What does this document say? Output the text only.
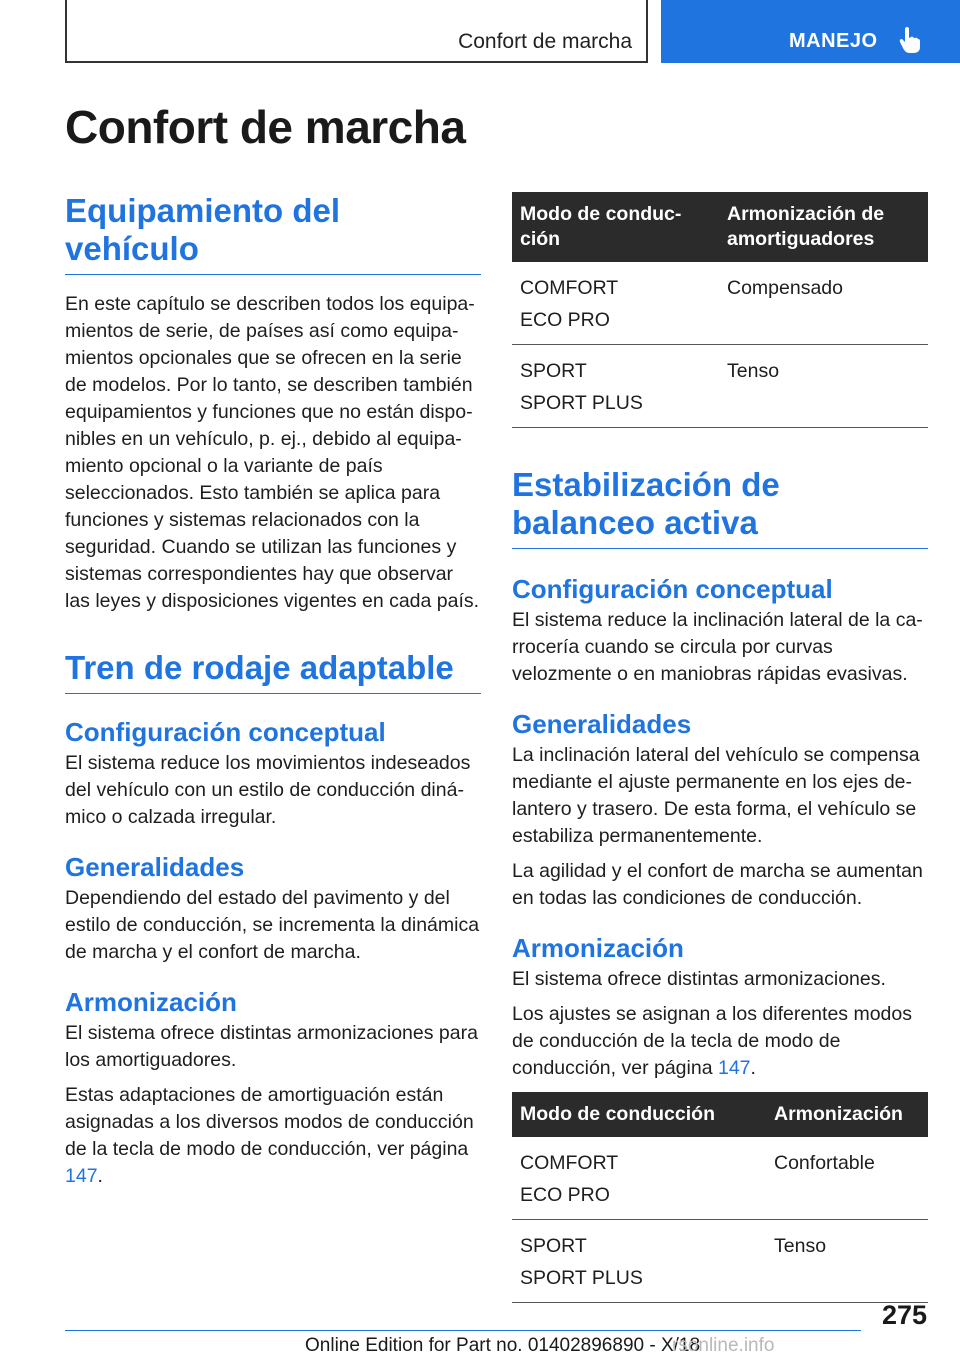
Confort de marcha	MANEJO
Confort de marcha
Equipamiento del vehículo

En este capítulo se describen todos los equipamientos de serie, de países así como equipamientos opcionales que se ofrecen en la serie de modelos. Por lo tanto, se describen también equipamientos y funciones que no están disponibles en un vehículo, p. ej., debido al equipamiento opcional o la variante de país seleccionados. Esto también se aplica para funciones y sistemas relacionados con la seguridad. Cuando se utilizan las funciones y sistemas correspondientes hay que observar las leyes y disposiciones vigentes en cada país.

Tren de rodaje adaptable
Configuración conceptual

El sistema reduce los movimientos indeseados del vehículo con un estilo de conducción dinámico o calzada irregular.

Generalidades

Dependiendo del estado del pavimento y del estilo de conducción, se incrementa la dinámica de marcha y el confort de marcha.

Armonización

El sistema ofrece distintas armonizaciones para los amortiguadores.

Estas adaptaciones de amortiguación están asignadas a los diversos modos de conducción de la tecla de modo de conducción, ver página 147.

Modo de conducción	Armonización de amortiguadores

COMFORT
ECO PRO	Compensado

SPORT
SPORT PLUS	Tenso
Estabilización de balanceo activa
Configuración conceptual

El sistema reduce la inclinación lateral de la carrocería cuando se circula por curvas velozmente o en maniobras rápidas evasivas.

Generalidades

La inclinación lateral del vehículo se compensa mediante el ajuste permanente en los ejes delantero y trasero. De esta forma, el vehículo se estabiliza permanentemente.

La agilidad y el confort de marcha se aumentan en todas las condiciones de conducción.

Armonización

El sistema ofrece distintas armonizaciones.

Los ajustes se asignan a los diferentes modos de conducción de la tecla de modo de conducción, ver página 147.

Modo de conducción	Armonización

COMFORT
ECO PRO	Confortable

SPORT
SPORT PLUS	Tenso
275
Online Edition for Part no. 01402896890 - X/18
rsonline.info
